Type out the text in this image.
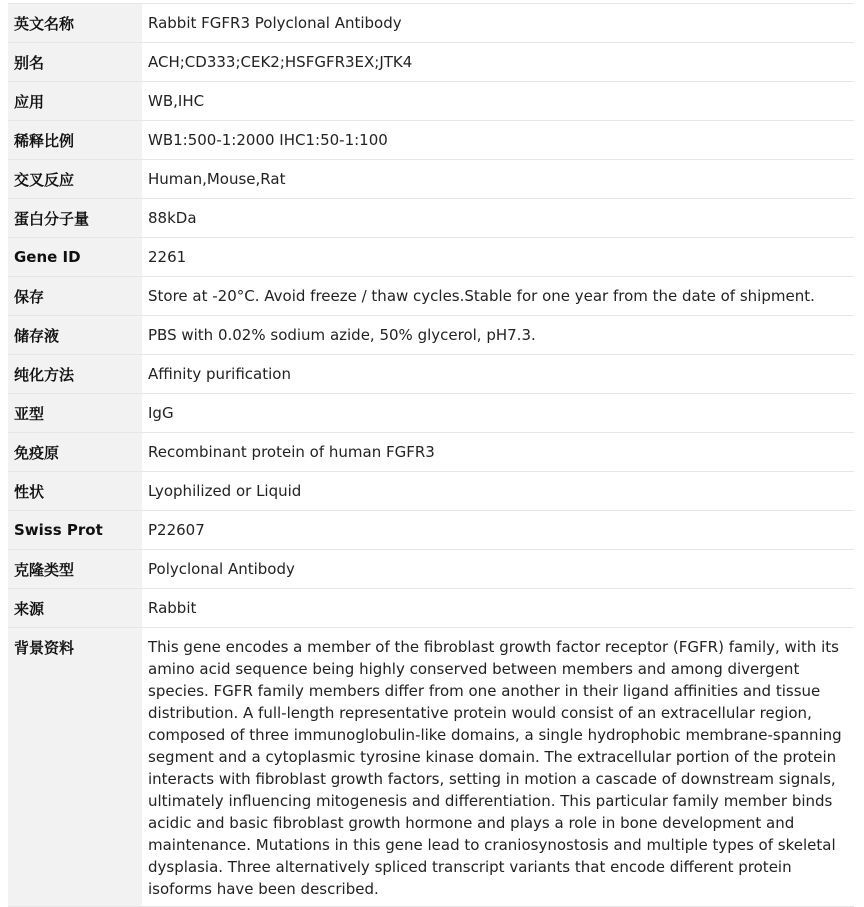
英文名称	Rabbit FGFR3 Polyclonal Antibody
别名	ACH;CD333;CEK2;HSFGFR3EX;JTK4
应用	WB,IHC
稀释比例	WB1:500-1:2000 IHC1:50-1:100
交叉反应	Human,Mouse,Rat
蛋白分子量	88kDa
Gene ID	2261
保存	Store at -20°C. Avoid freeze / thaw cycles.Stable for one year from the date of shipment.
储存液	PBS with 0.02% sodium azide, 50% glycerol, pH7.3.
纯化方法	Affinity purification
亚型	IgG
免疫原	Recombinant protein of human FGFR3
性状	Lyophilized or Liquid
Swiss Prot	P22607
克隆类型	Polyclonal Antibody
来源	Rabbit
背景资料	This gene encodes a member of the fibroblast growth factor receptor (FGFR) family, with its amino acid sequence being highly conserved between members and among divergent species. FGFR family members differ from one another in their ligand affinities and tissue distribution. A full-length representative protein would consist of an extracellular region, composed of three immunoglobulin-like domains, a single hydrophobic membrane-spanning segment and a cytoplasmic tyrosine kinase domain. The extracellular portion of the protein interacts with fibroblast growth factors, setting in motion a cascade of downstream signals, ultimately influencing mitogenesis and differentiation. This particular family member binds acidic and basic fibroblast growth hormone and plays a role in bone development and maintenance. Mutations in this gene lead to craniosynostosis and multiple types of skeletal dysplasia. Three alternatively spliced transcript variants that encode different protein isoforms have been described.
